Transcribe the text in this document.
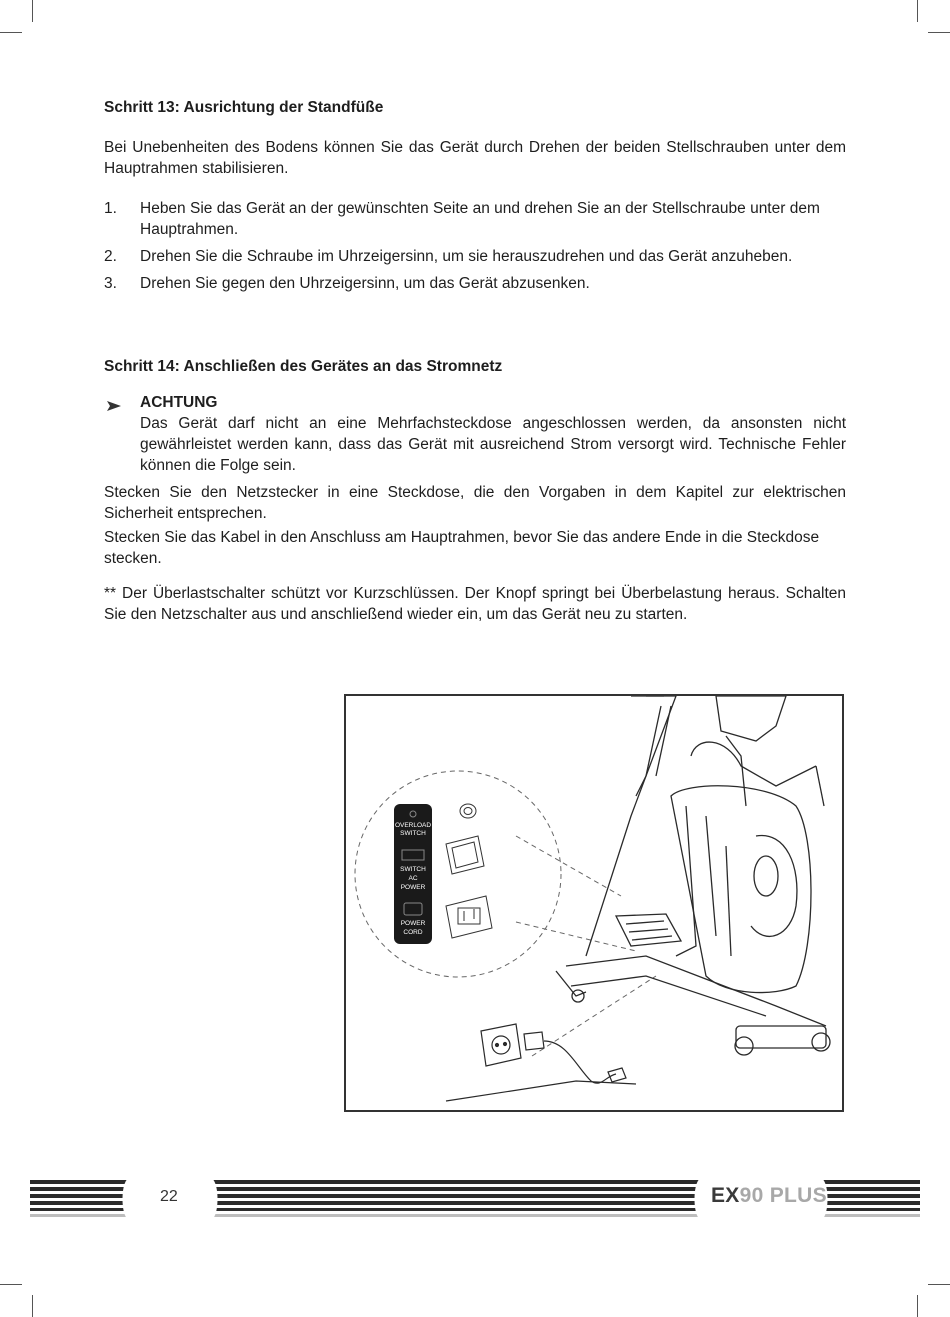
Schritt 13: Ausrichtung der Standfüße

Bei Unebenheiten des Bodens können Sie das Gerät durch Drehen der beiden Stellschrauben unter dem Hauptrahmen stabilisieren.

1. Heben Sie das Gerät an der gewünschten Seite an und drehen Sie an der Stellschraube unter dem Hauptrahmen.
2. Drehen Sie die Schraube im Uhrzeigersinn, um sie herauszudrehen und das Gerät anzuheben.
3. Drehen Sie gegen den Uhrzeigersinn, um das Gerät abzusenken.
Schritt 14: Anschließen des Gerätes an das Stromnetz
ACHTUNG
Das Gerät darf nicht an eine Mehrfachsteckdose angeschlossen werden, da ansonsten nicht gewährleistet werden kann, dass das Gerät mit ausreichend Strom versorgt wird. Technische Fehler können die Folge sein.

Stecken Sie den Netzstecker in eine Steckdose, die den Vorgaben in dem Kapitel zur elektrischen Sicherheit entsprechen.

Stecken Sie das Kabel in den Anschluss am Hauptrahmen, bevor Sie das andere Ende in die Steckdose stecken.

** Der Überlastschalter schützt vor Kurzschlüssen. Der Knopf springt bei Überbelastung heraus. Schalten Sie den Netzschalter aus und anschließend wieder ein, um das Gerät neu zu starten.

OVERLOAD
SWITCH
SWITCH
AC
POWER
POWER
CORD
22	EX90 PLUS
